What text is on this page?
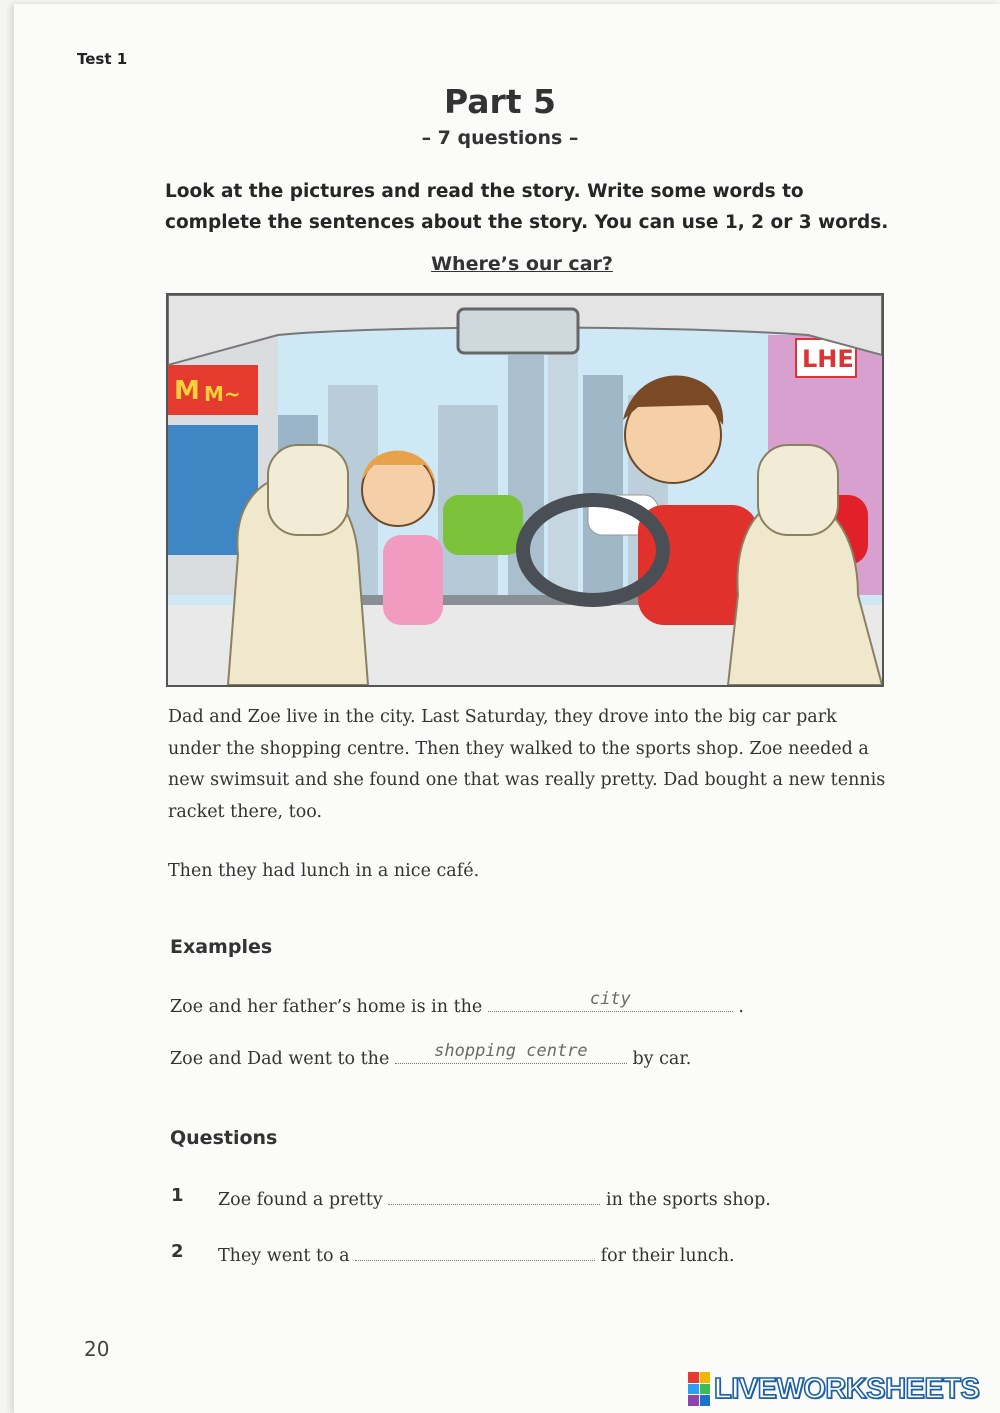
Test 1
Part 5
– 7 questions –
Look at the pictures and read the story. Write some words to complete the sentences about the story. You can use 1, 2 or 3 words.
Where’s our car?
M M~
LHE

Dad and Zoe live in the city. Last Saturday, they drove into the big car park under the shopping centre. Then they walked to the sports shop. Zoe needed a new swimsuit and she found one that was really pretty. Dad bought a new tennis racket there, too.

Then they had lunch in a nice café.

Examples
Zoe and her father’s home is in the	city	.
Zoe and Dad went to the	shopping centre	by car.
Questions
1 Zoe found a pretty	in the sports shop.
2 They went to a	for their lunch.
20
LIVEWORKSHEETS
